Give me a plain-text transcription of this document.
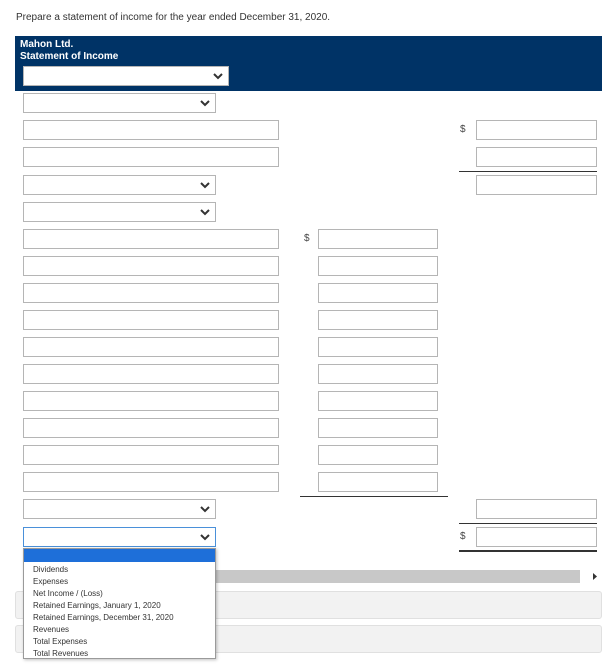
Prepare a statement of income for the year ended December 31, 2020.
Mahon Ltd.
Statement of Income
$
$
$
Dividends
Expenses
Net Income / (Loss)
Retained Earnings, January 1, 2020
Retained Earnings, December 31, 2020
Revenues
Total Expenses
Total Revenues
